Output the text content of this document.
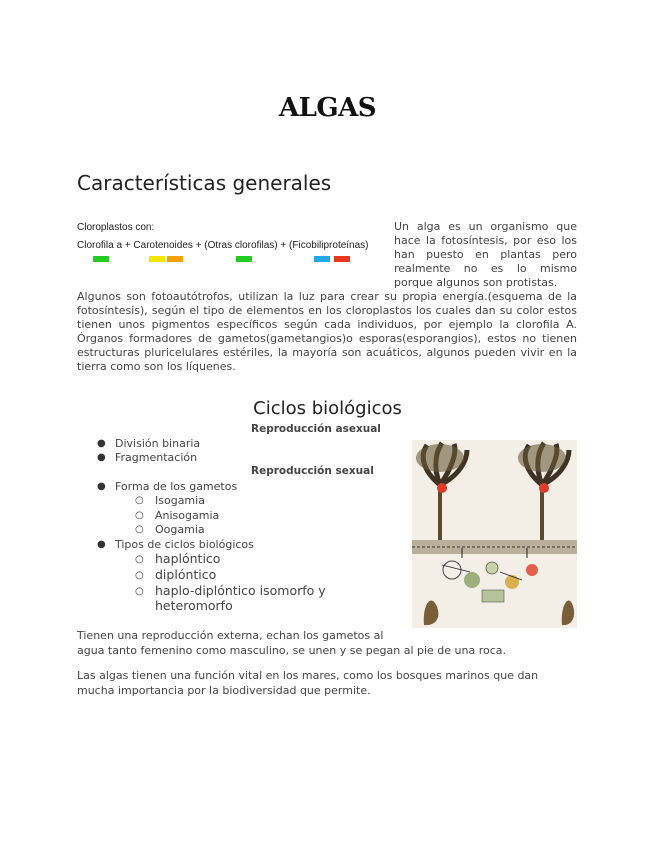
ALGAS
Características generales
Cloroplastos con:
Clorofila a + Carotenoides + (Otras clorofilas) + (Ficobiliproteínas)
Un alga es un organismo que hace la fotosíntesis, por eso los han puesto en plantas pero realmente no es lo mismo porque algunos son protistas.
Algunos son fotoautótrofos, utilizan la luz para crear su propia energía.(esquema de la fotosíntesis), según el tipo de elementos en los cloroplastos los cuales dan su color estos tienen unos pigmentos específicos según cada individuos, por ejemplo la clorofila A. Órganos formadores de gametos(gametangios)o esporas(esporangios), estos no tienen estructuras pluricelulares estériles, la mayoría son acuáticos, algunos pueden vivir en la tierra como son los líquenes.
Ciclos biológicos
Reproducción asexual
● División binaria
● Fragmentación
Reproducción sexual
● Forma de los gametos
○ Isogamia
○ Anisogamia
○ Oogamia
● Tipos de ciclos biológicos
○ haplóntico
○ diplóntico
○ haplo-diplóntico isomorfo y
heteromorfo
Tienen una reproducción externa, echan los gametos al
agua tanto femenino como masculino, se unen y se pegan al pie de una roca.
Las algas tienen una función vital en los mares, como los bosques marinos que dan mucha importancia por la biodiversidad que permite.
